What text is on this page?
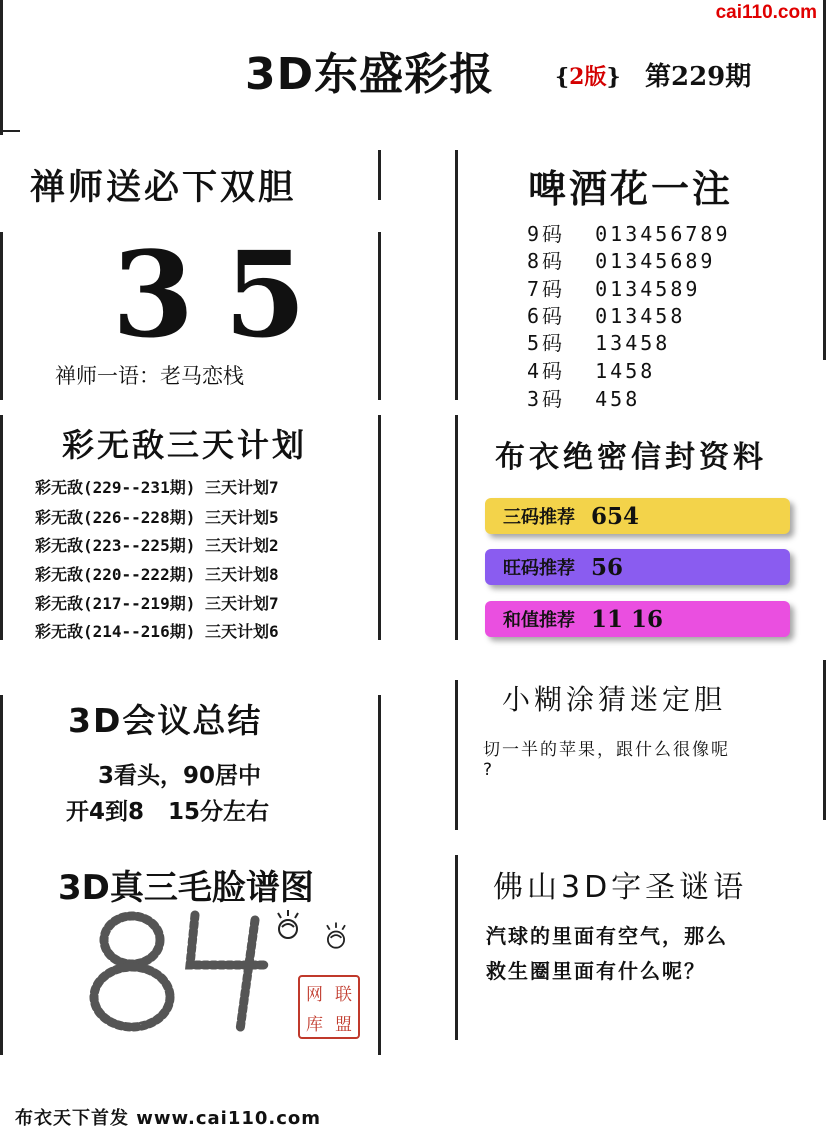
cai110.com
3D东盛彩报	{2版} 第229期
禅师送必下双胆
35
禅师一语：老马恋栈
彩无敌三天计划
彩无敌(229--231期) 三天计划7
彩无敌(226--228期) 三天计划5
彩无敌(223--225期) 三天计划2
彩无敌(220--222期) 三天计划8
彩无敌(217--219期) 三天计划7
彩无敌(214--216期) 三天计划6
3D会议总结
3看头，90居中
开4到8   15分左右
3D真三毛脸谱图
84
网 联
库 盟
啤酒花一注
9码 013456789
8码 01345689
7码 0134589
6码 013458
5码 13458
4码 1458
3码 458
布衣绝密信封资料
三码推荐 654
旺码推荐 56
和值推荐 11 16
小糊涂猜迷定胆
切一半的苹果，跟什么很像呢
?
佛山3D字圣谜语
汽球的里面有空气，那么
救生圈里面有什么呢？
布衣天下首发 www.cai110.com
